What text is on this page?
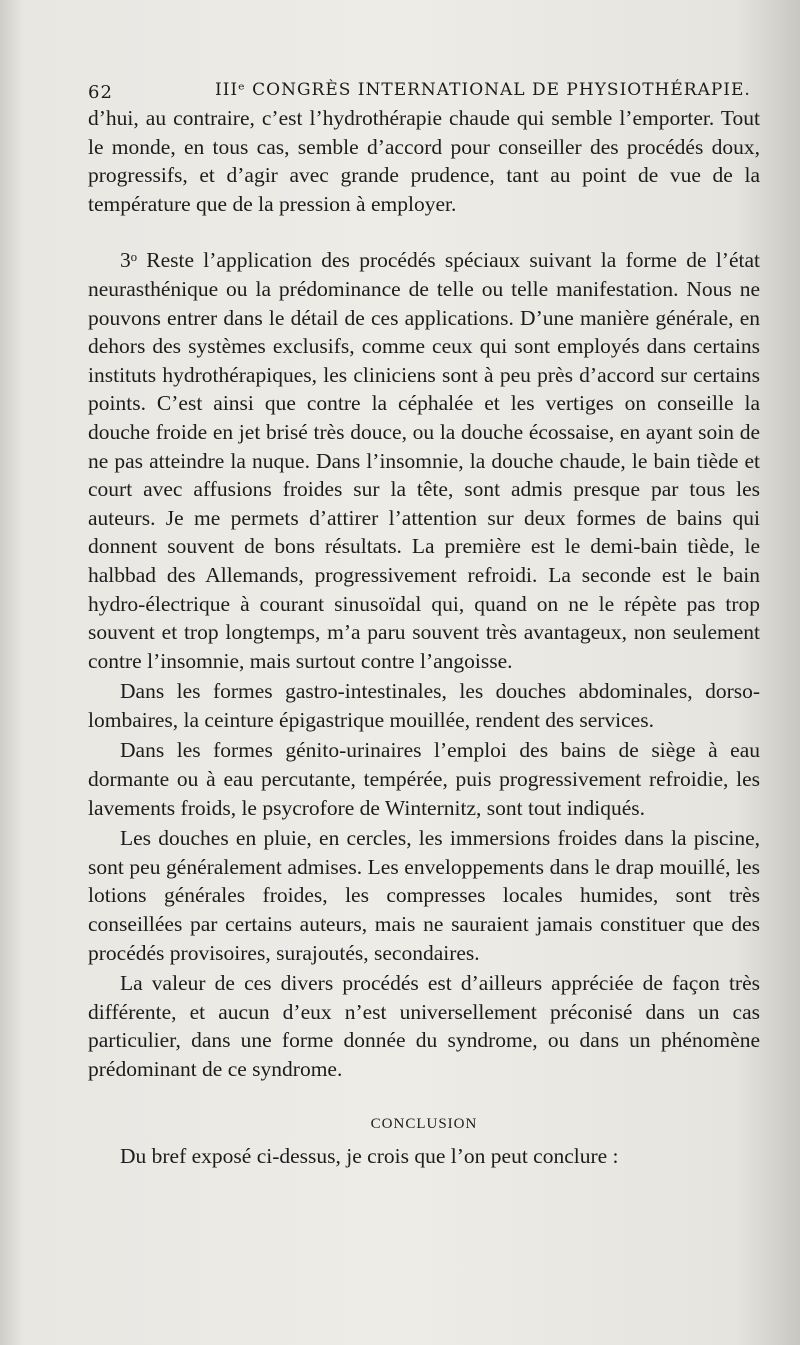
62	IIIᵉ CONGRÈS INTERNATIONAL DE PHYSIOTHÉRAPIE.

d’hui, au contraire, c’est l’hydrothérapie chaude qui semble l’emporter. Tout le monde, en tous cas, semble d’accord pour conseiller des procédés doux, progressifs, et d’agir avec grande prudence, tant au point de vue de la température que de la pression à employer.

3ᵒ Reste l’application des procédés spéciaux suivant la forme de l’état neurasthénique ou la prédominance de telle ou telle manifestation. Nous ne pouvons entrer dans le détail de ces applications. D’une manière générale, en dehors des systèmes exclusifs, comme ceux qui sont employés dans certains instituts hydrothérapiques, les cliniciens sont à peu près d’accord sur certains points. C’est ainsi que contre la céphalée et les vertiges on conseille la douche froide en jet brisé très douce, ou la douche écossaise, en ayant soin de ne pas atteindre la nuque. Dans l’insomnie, la douche chaude, le bain tiède et court avec affusions froides sur la tête, sont admis presque par tous les auteurs. Je me permets d’attirer l’attention sur deux formes de bains qui donnent souvent de bons résultats. La première est le demi-bain tiède, le halbbad des Allemands, progressivement refroidi. La seconde est le bain hydro-électrique à courant sinusoïdal qui, quand on ne le répète pas trop souvent et trop longtemps, m’a paru souvent très avantageux, non seulement contre l’insomnie, mais surtout contre l’angoisse.

Dans les formes gastro-intestinales, les douches abdominales, dorso-lombaires, la ceinture épigastrique mouillée, rendent des services.

Dans les formes génito-urinaires l’emploi des bains de siège à eau dormante ou à eau percutante, tempérée, puis progressivement refroidie, les lavements froids, le psycrofore de Winternitz, sont tout indiqués.

Les douches en pluie, en cercles, les immersions froides dans la piscine, sont peu généralement admises. Les enveloppements dans le drap mouillé, les lotions générales froides, les compresses locales humides, sont très conseillées par certains auteurs, mais ne sauraient jamais constituer que des procédés provisoires, surajoutés, secondaires.

La valeur de ces divers procédés est d’ailleurs appréciée de façon très différente, et aucun d’eux n’est universellement préconisé dans un cas particulier, dans une forme donnée du syndrome, ou dans un phénomène prédominant de ce syndrome.

CONCLUSION

Du bref exposé ci-dessus, je crois que l’on peut conclure :
